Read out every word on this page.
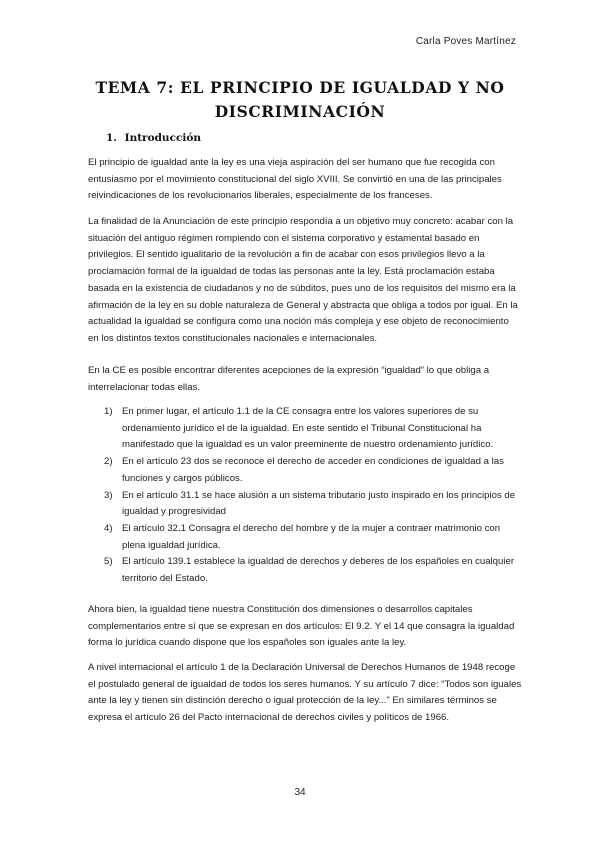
Carla Poves Martínez
TEMA 7: EL PRINCIPIO DE IGUALDAD Y NO DISCRIMINACIÓN
1. Introducción

El principio de igualdad ante la ley es una vieja aspiración del ser humano que fue recogida con entusiasmo por el movimiento constitucional del siglo XVIII. Se convirtió en una de las principales reivindicaciones de los revolucionarios liberales, especialmente de los franceses.

La finalidad de la Anunciación de este principio respondía a un objetivo muy concreto: acabar con la situación del antiguo régimen rompiendo con el sistema corporativo y estamental basado en privilegios. El sentido igualitario de la revolución a fin de acabar con esos privilegios llevo a la proclamación formal de la igualdad de todas las personas ante la ley. Está proclamación estaba basada en la existencia de ciudadanos y no de súbditos, pues uno de los requisitos del mismo era la afirmación de la ley en su doble naturaleza de General y abstracta que obliga a todos por igual. En la actualidad la igualdad se configura como una noción más compleja y ese objeto de reconocimiento en los distintos textos constitucionales nacionales e internacionales.

En la CE es posible encontrar diferentes acepciones de la expresión “igualdad” lo que obliga a interrelacionar todas ellas.

1) En primer lugar, el artículo 1.1 de la CE consagra entre los valores superiores de su ordenamiento jurídico el de la igualdad. En este sentido el Tribunal Constitucional ha manifestado que la igualdad es un valor preeminente de nuestro ordenamiento jurídico.
2) En el artículo 23 dos se reconoce el derecho de acceder en condiciones de igualdad a las funciones y cargos públicos.
3) En el artículo 31.1 se hace alusión a un sistema tributario justo inspirado en los principios de igualdad y progresividad
4) El artículo 32.1 Consagra el derecho del hombre y de la mujer a contraer matrimonio con plena igualdad jurídica.
5) El artículo 139.1 establece la igualdad de derechos y deberes de los españoles en cualquier territorio del Estado.

Ahora bien, la igualdad tiene nuestra Constitución dos dimensiones o desarrollos capitales complementarios entre sí que se expresan en dos artículos: El 9.2. Y el 14 que consagra la igualdad forma lo jurídica cuando dispone que los españoles son iguales ante la ley.

A nivel internacional el artículo 1 de la Declaración Universal de Derechos Humanos de 1948 recoge el postulado general de igualdad de todos los seres humanos. Y su artículo 7 dice: “Todos son iguales ante la ley y tienen sin distinción derecho o igual protección de la ley...” En similares términos se expresa el artículo 26 del Pacto internacional de derechos civiles y políticos de 1966.

34
